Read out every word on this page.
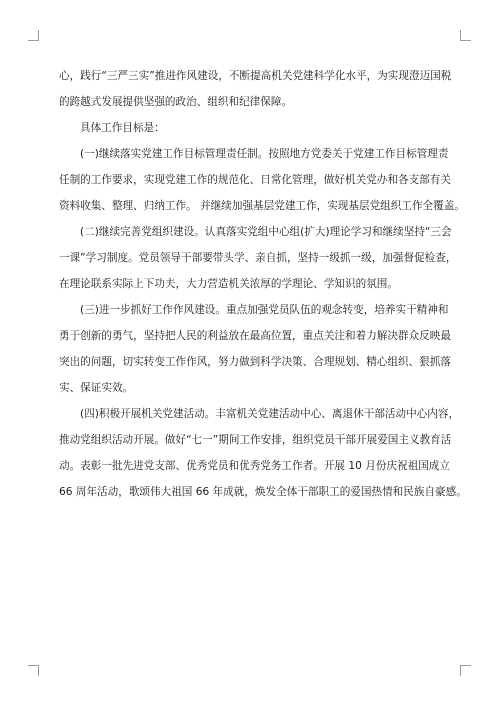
心，践行“三严三实”推进作风建设，不断提高机关党建科学化水平，为实现澄迈国税
的跨越式发展提供坚强的政治、组织和纪律保障。

具体工作目标是：

(一)继续落实党建工作目标管理责任制。按照地方党委关于党建工作目标管理责
任制的工作要求，实现党建工作的规范化、日常化管理，做好机关党办和各支部有关
资料收集、整理、归纳工作。 并继续加强基层党建工作，实现基层党组织工作全覆盖。

(二)继续完善党组织建设。认真落实党组中心组(扩大)理论学习和继续坚持“三会
一课”学习制度。党员领导干部要带头学、亲自抓，坚持一级抓一级，加强督促检查，
在理论联系实际上下功夫，大力营造机关浓厚的学理论、学知识的氛围。

(三)进一步抓好工作作风建设。重点加强党员队伍的观念转变，培养实干精神和
勇于创新的勇气，坚持把人民的利益放在最高位置，重点关注和着力解决群众反映最
突出的问题，切实转变工作作风，努力做到科学决策、合理规划、精心组织、狠抓落
实、保证实效。

(四)积极开展机关党建活动。丰富机关党建活动中心、离退休干部活动中心内容，
推动党组织活动开展。做好“七一”期间工作安排，组织党员干部开展爱国主义教育活
动。表彰一批先进党支部、优秀党员和优秀党务工作者。开展 10 月份庆祝祖国成立
66 周年活动，歌颂伟大祖国 66 年成就，焕发全体干部职工的爱国热情和民族自豪感。
